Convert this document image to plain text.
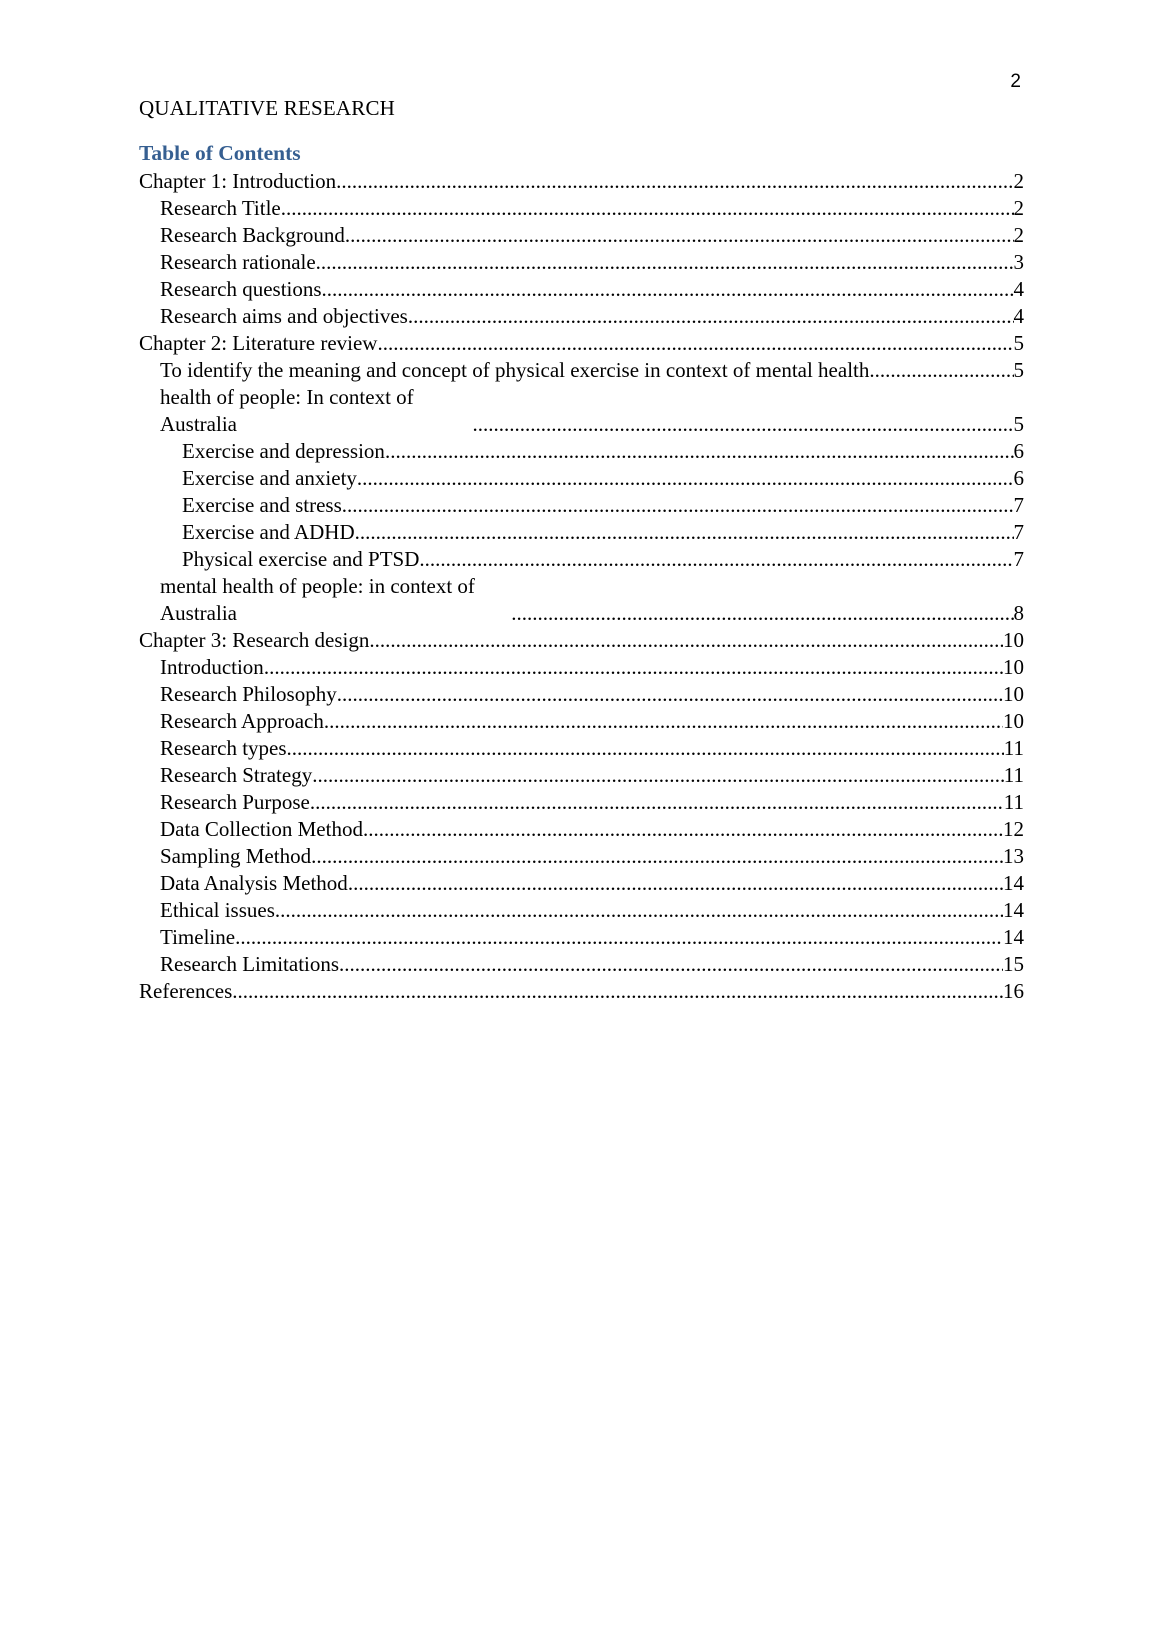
2
QUALITATIVE RESEARCH
Table of Contents
Chapter 1: Introduction .....	2
Research Title .....	2
Research Background .....	2
Research rationale .....	3
Research questions .....	4
Research aims and objectives .....	4
Chapter 2: Literature review .....	5
To identify the meaning and concept of physical exercise in context of mental health .....	5
health of people: In context of Australia .....	5
Exercise and depression .....	6
Exercise and anxiety .....	6
Exercise and stress .....	7
Exercise and ADHD .....	7
Physical exercise and PTSD .....	7
mental health of people: in context of Australia .....	8
Chapter 3: Research design .....	10
Introduction .....	10
Research Philosophy .....	10
Research Approach .....	10
Research types .....	11
Research Strategy .....	11
Research Purpose .....	11
Data Collection Method .....	12
Sampling Method .....	13
Data Analysis Method .....	14
Ethical issues .....	14
Timeline .....	14
Research Limitations .....	15
References .....	16
